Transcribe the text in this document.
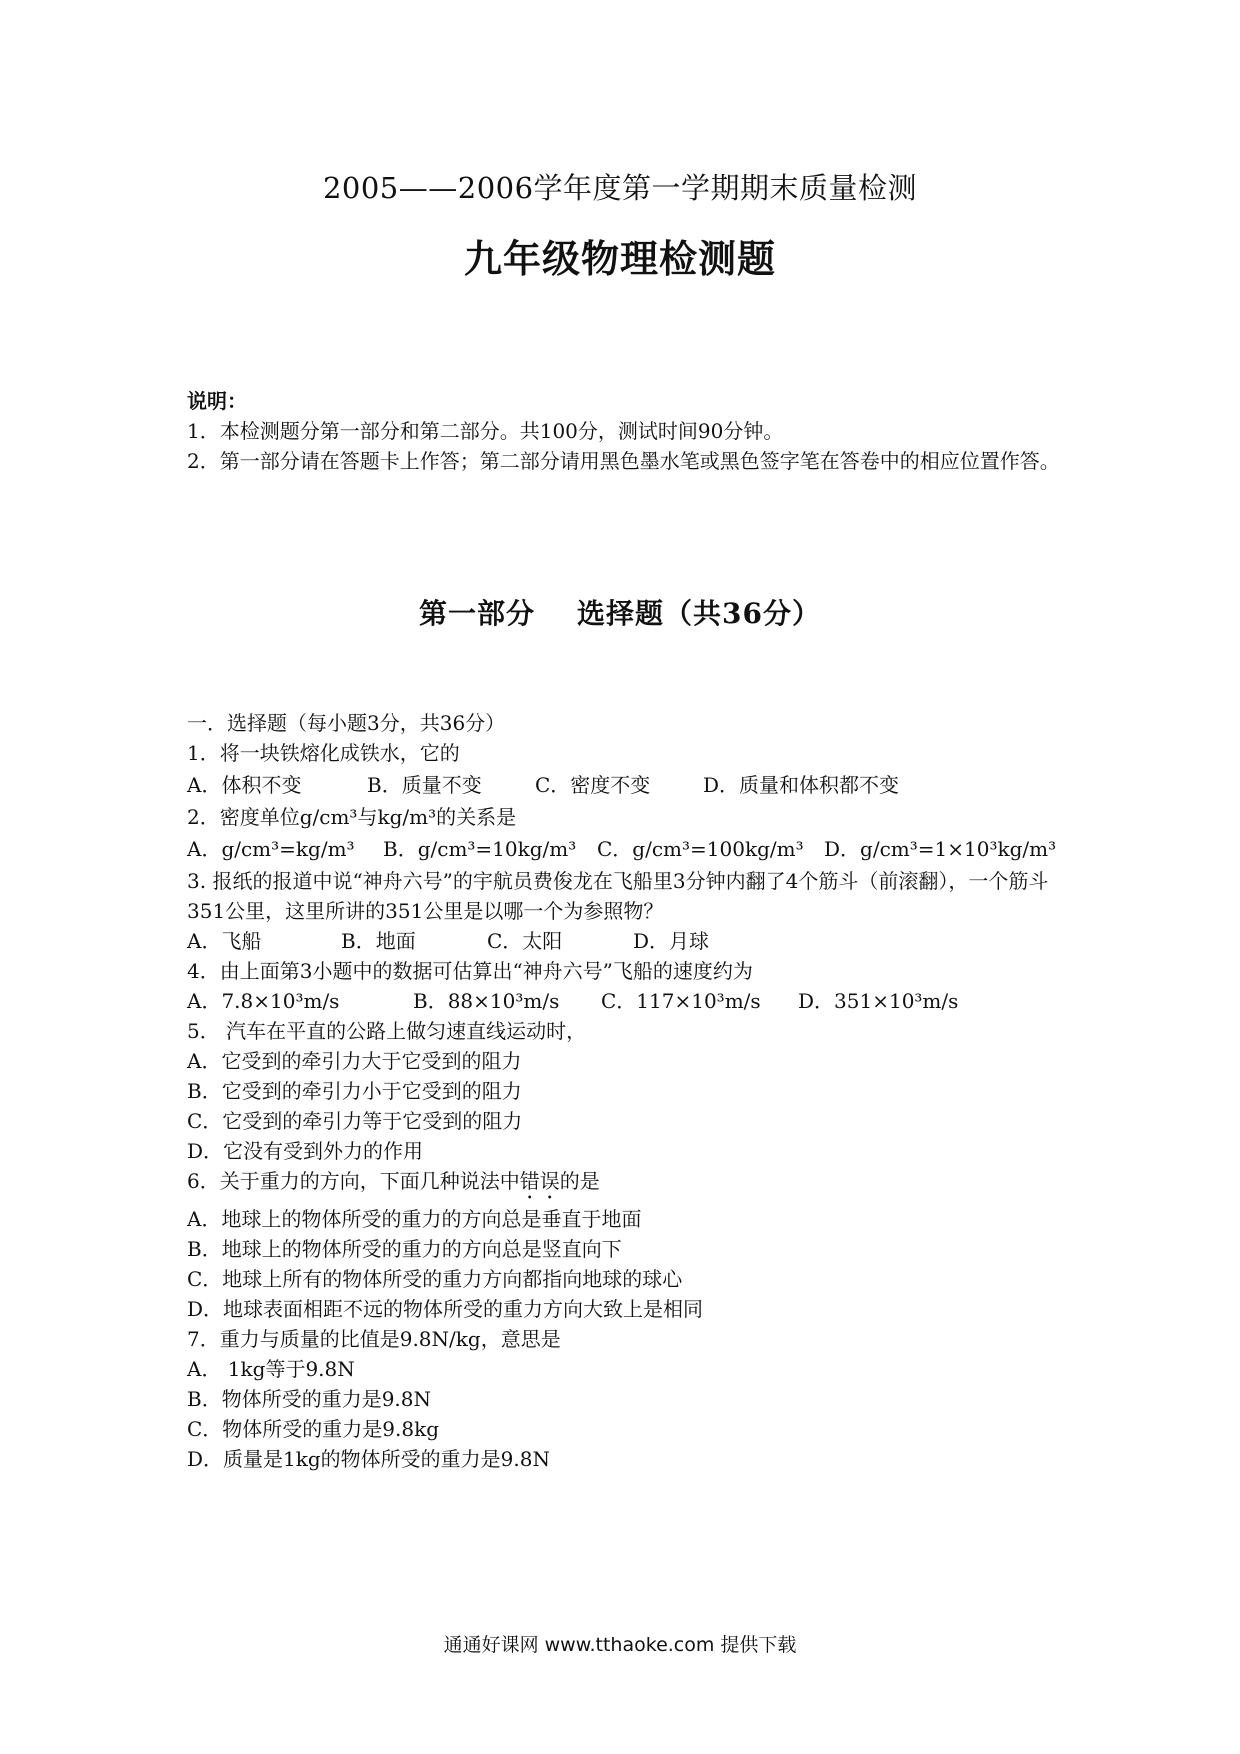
2005——2006学年度第一学期期末质量检测
九年级物理检测题
说明：
1．本检测题分第一部分和第二部分。共100分，测试时间90分钟。
2．第一部分请在答题卡上作答；第二部分请用黑色墨水笔或黑色签字笔在答卷中的相应位置作答。
第一部分 选择题（共36分）
一．选择题（每小题3分，共36分）
1．将一块铁熔化成铁水，它的
A．体积不变	B．质量不变	C．密度不变	D．质量和体积都不变
2．密度单位g/cm³与kg/m³的关系是
A．g/cm³=kg/m³ B．g/cm³=10kg/m³ C．g/cm³=100kg/m³ D．g/cm³=1×10³kg/m³
3. 报纸的报道中说“神舟六号”的宇航员费俊龙在飞船里3分钟内翻了4个筋斗（前滚翻），一个筋斗351公里，这里所讲的351公里是以哪一个为参照物？
A．飞船	B．地面	C．太阳	D．月球
4．由上面第3小题中的数据可估算出“神舟六号”飞船的速度约为
A．7.8×10³m/s	B．88×10³m/s C．117×10³m/s D．351×10³m/s
5． 汽车在平直的公路上做匀速直线运动时，
A．它受到的牵引力大于它受到的阻力
B．它受到的牵引力小于它受到的阻力
C．它受到的牵引力等于它受到的阻力
D．它没有受到外力的作用
6．关于重力的方向，下面几种说法中错误的是
A．地球上的物体所受的重力的方向总是垂直于地面
B．地球上的物体所受的重力的方向总是竖直向下
C．地球上所有的物体所受的重力方向都指向地球的球心
D．地球表面相距不远的物体所受的重力方向大致上是相同
7．重力与质量的比值是9.8N/kg，意思是
A． 1kg等于9.8N
B．物体所受的重力是9.8N
C．物体所受的重力是9.8kg
D．质量是1kg的物体所受的重力是9.8N
通通好课网 www.tthaoke.com 提供下载
